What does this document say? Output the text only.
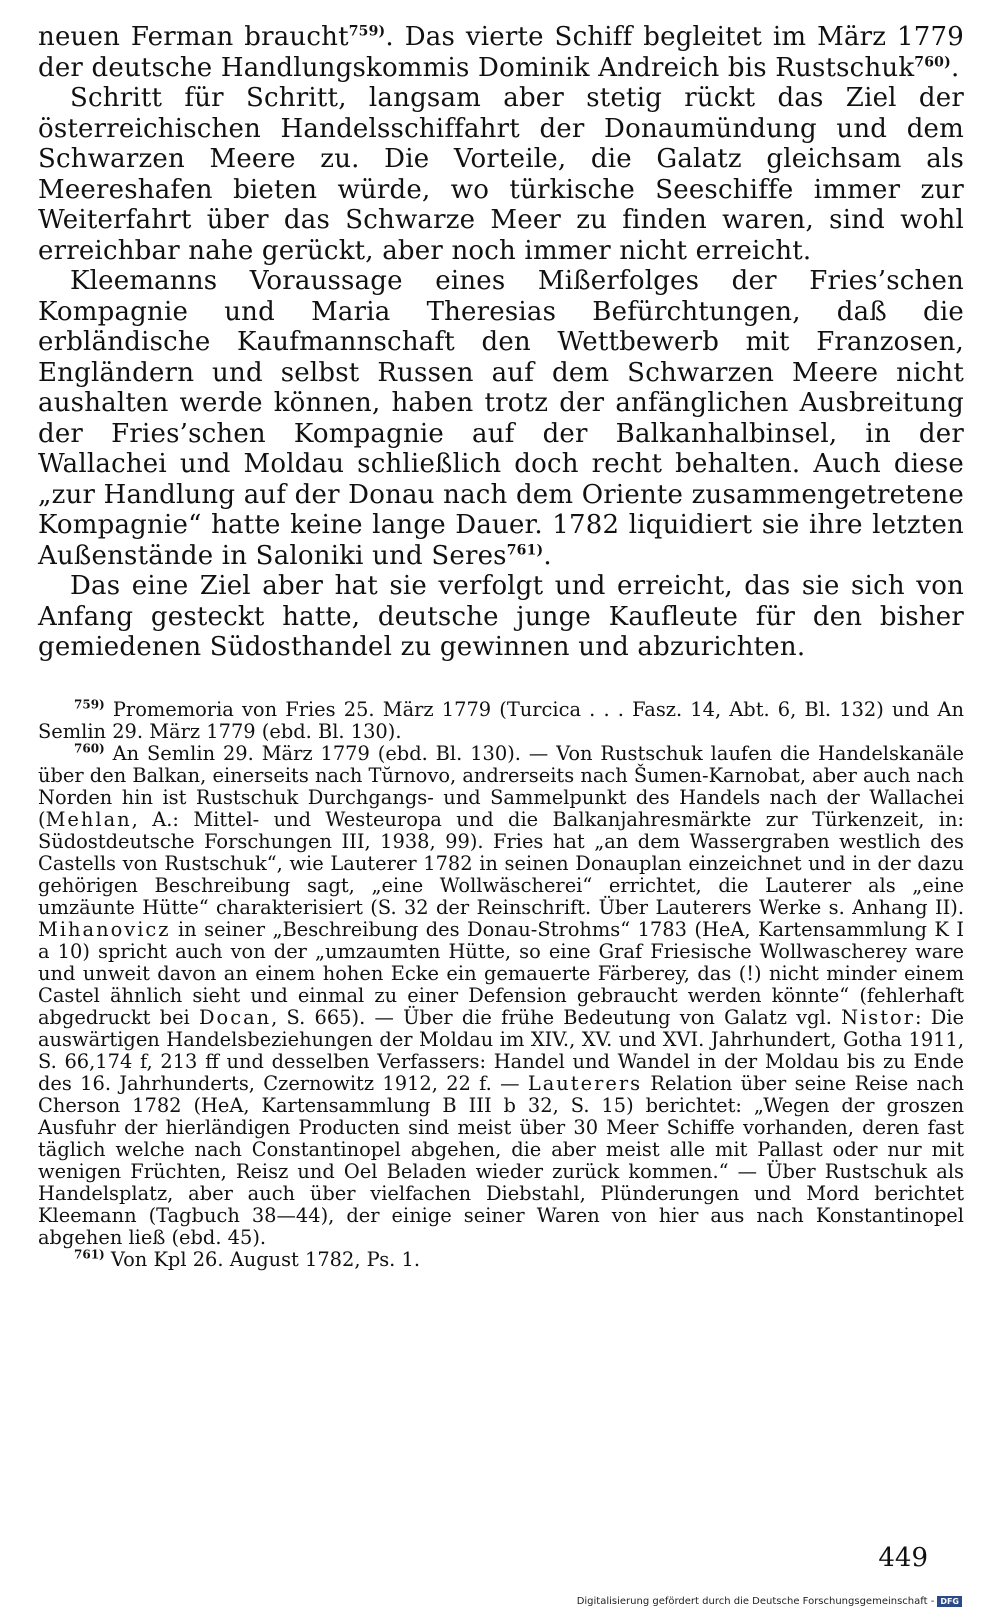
neuen Ferman braucht$^{759)}$. Das vierte Schiff begleitet im März 1779 der deutsche Handlungskommis Dominik Andreich bis Rustschuk$^{760)}$.

Schritt für Schritt, langsam aber stetig rückt das Ziel der österreichischen Handelsschiffahrt der Donaumündung und dem Schwarzen Meere zu. Die Vorteile, die Galatz gleichsam als Meereshafen bieten würde, wo türkische Seeschiffe immer zur Weiterfahrt über das Schwarze Meer zu finden waren, sind wohl erreichbar nahe gerückt, aber noch immer nicht erreicht.

Kleemanns Voraussage eines Mißerfolges der Fries’schen Kompagnie und Maria Theresias Befürchtungen, daß die erbländische Kaufmannschaft den Wettbewerb mit Franzosen, Engländern und selbst Russen auf dem Schwarzen Meere nicht aushalten werde können, haben trotz der anfänglichen Ausbreitung der Fries’schen Kompagnie auf der Balkanhalbinsel, in der Wallachei und Moldau schließlich doch recht behalten. Auch diese „zur Handlung auf der Donau nach dem Oriente zusammengetretene Kompagnie“ hatte keine lange Dauer. 1782 liquidiert sie ihre letzten Außenstände in Saloniki und Seres$^{761)}$.

Das eine Ziel aber hat sie verfolgt und erreicht, das sie sich von Anfang gesteckt hatte, deutsche junge Kaufleute für den bisher gemiedenen Südosthandel zu gewinnen und abzurichten.

$^{759)}$ Promemoria von Fries 25. März 1779 (Turcica . . . Fasz. 14, Abt. 6, Bl. 132) und An Semlin 29. März 1779 (ebd. Bl. 130).

$^{760)}$ An Semlin 29. März 1779 (ebd. Bl. 130). — Von Rustschuk laufen die Handelskanäle über den Balkan, einerseits nach Tŭrnovo, andrerseits nach Šumen-Karnobat, aber auch nach Norden hin ist Rustschuk Durchgangs- und Sammelpunkt des Handels nach der Wallachei (Mehlan, A.: Mittel- und Westeuropa und die Balkanjahresmärkte zur Türkenzeit, in: Südostdeutsche Forschungen III, 1938, 99). Fries hat „an dem Wassergraben westlich des Castells von Rustschuk“, wie Lauterer 1782 in seinen Donauplan einzeichnet und in der dazu gehörigen Beschreibung sagt, „eine Wollwäscherei“ errichtet, die Lauterer als „eine umzäunte Hütte“ charakterisiert (S. 32 der Reinschrift. Über Lauterers Werke s. Anhang II). Mihanovicz in seiner „Beschreibung des Donau-Strohms“ 1783 (HeA, Kartensammlung K I a 10) spricht auch von der „umzaumten Hütte, so eine Graf Friesische Wollwascherey ware und unweit davon an einem hohen Ecke ein gemauerte Färberey, das (!) nicht minder einem Castel ähnlich sieht und einmal zu einer Defension gebraucht werden könnte“ (fehlerhaft abgedruckt bei Docan, S. 665). — Über die frühe Bedeutung von Galatz vgl. Nistor: Die auswärtigen Handelsbeziehungen der Moldau im XIV., XV. und XVI. Jahrhundert, Gotha 1911, S. 66,174 f, 213 ff und desselben Verfassers: Handel und Wandel in der Moldau bis zu Ende des 16. Jahrhunderts, Czernowitz 1912, 22 f. — Lauterers Relation über seine Reise nach Cherson 1782 (HeA, Kartensammlung B III b 32, S. 15) berichtet: „Wegen der groszen Ausfuhr der hierländigen Producten sind meist über 30 Meer Schiffe vorhanden, deren fast täglich welche nach Constantinopel abgehen, die aber meist alle mit Pallast oder nur mit wenigen Früchten, Reisz und Oel Beladen wieder zurück kommen.“ — Über Rustschuk als Handelsplatz, aber auch über vielfachen Diebstahl, Plünderungen und Mord berichtet Kleemann (Tagbuch 38—44), der einige seiner Waren von hier aus nach Konstantinopel abgehen ließ (ebd. 45).

$^{761)}$ Von Kpl 26. August 1782, Ps. 1.

449
Digitalisierung gefördert durch die Deutsche Forschungsgemeinschaft - DFG
